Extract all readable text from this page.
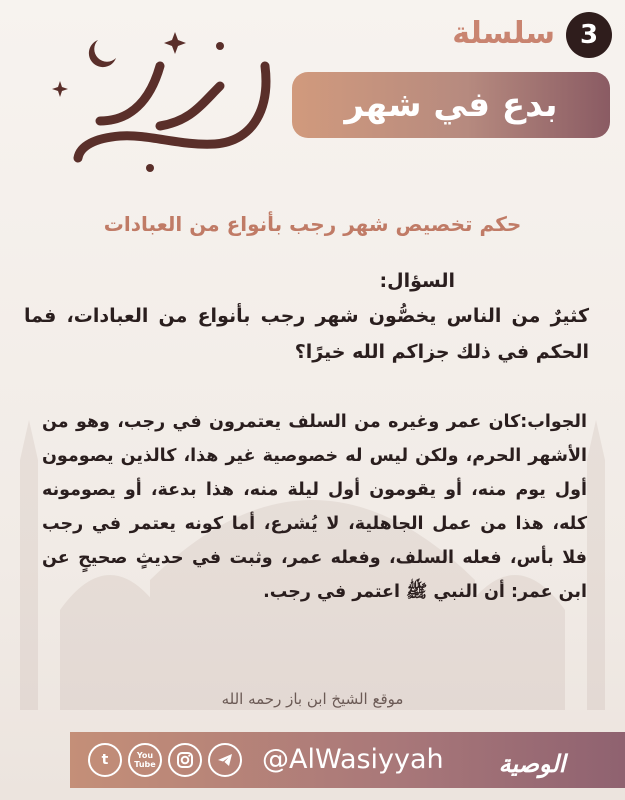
رجب	3
سلسلة
بدع في شهر
حكم تخصيص شهر رجب بأنواع من العبادات
السؤال:
كثيرٌ من الناس يخصُّون شهر رجب بأنواع من العبادات، فما الحكم في ذلك جزاكم الله خيرًا؟
الجواب:كان عمر وغيره من السلف يعتمرون في رجب، وهو من الأشهر الحرم، ولكن ليس له خصوصية غير هذا، كالذين يصومون أول يوم منه، أو يقومون أول ليلة منه، هذا بدعة، أو يصومونه كله، هذا من عمل الجاهلية، لا يُشرع، أما كونه يعتمر في رجب فلا بأس، فعله السلف، وفعله عمر، وثبت في حديثٍ صحيحٍ عن ابن عمر: أن النبي ﷺ اعتمر في رجب.
موقع الشيخ ابن باز رحمه الله
t	You Tube	@AlWasiyyah	الوصية
